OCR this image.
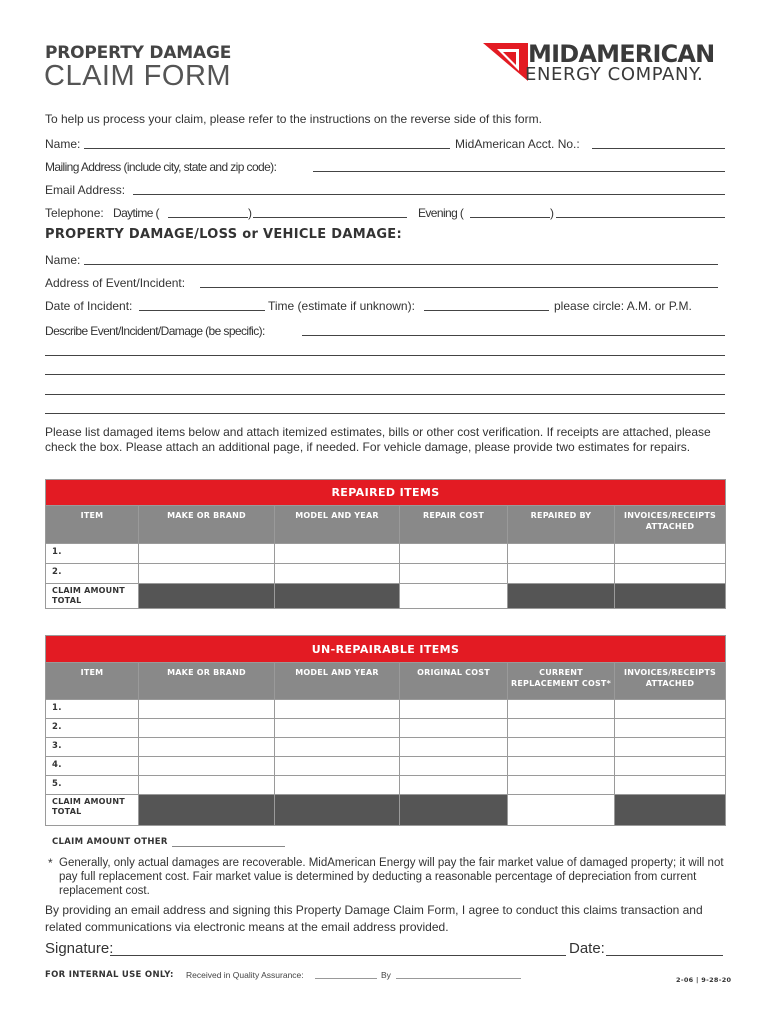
PROPERTY DAMAGE
CLAIM FORM
MIDAMERICAN
ENERGY COMPANY.
To help us process your claim, please refer to the instructions on the reverse side of this form.
Name:	MidAmerican Acct. No.:
Mailing Address (include city, state and zip code):
Email Address:
Telephone: Daytime (	)	Evening (	)
PROPERTY DAMAGE/LOSS or VEHICLE DAMAGE:
Name:
Address of Event/Incident:
Date of Incident:	Time (estimate if unknown):	please circle: A.M. or P.M.
Describe Event/Incident/Damage (be specific):
Please list damaged items below and attach itemized estimates, bills or other cost verification. If receipts are attached, please check the box. Please attach an additional page, if needed. For vehicle damage, please provide two estimates for repairs.
REPAIRED ITEMS					
ITEM	MAKE OR BRAND	MODEL AND YEAR	REPAIR COST	REPAIRED BY	INVOICES/RECEIPTS ATTACHED
1.					
2.					
CLAIM AMOUNT
TOTAL					
UN-REPAIRABLE ITEMS					
ITEM	MAKE OR BRAND	MODEL AND YEAR	ORIGINAL COST	CURRENT REPLACEMENT COST*	INVOICES/RECEIPTS ATTACHED
1.					
2.					
3.					
4.					
5.					
CLAIM AMOUNT
TOTAL					
CLAIM AMOUNT OTHER
* Generally, only actual damages are recoverable. MidAmerican Energy will pay the fair market value of damaged property; it will not pay full replacement cost. Fair market value is determined by deducting a reasonable percentage of depreciation from current replacement cost.
By providing an email address and signing this Property Damage Claim Form, I agree to conduct this claims transaction and related communications via electronic means at the email address provided.
Signature:	Date:
FOR INTERNAL USE ONLY: Received in Quality Assurance:	By	2-06 | 9-28-20
